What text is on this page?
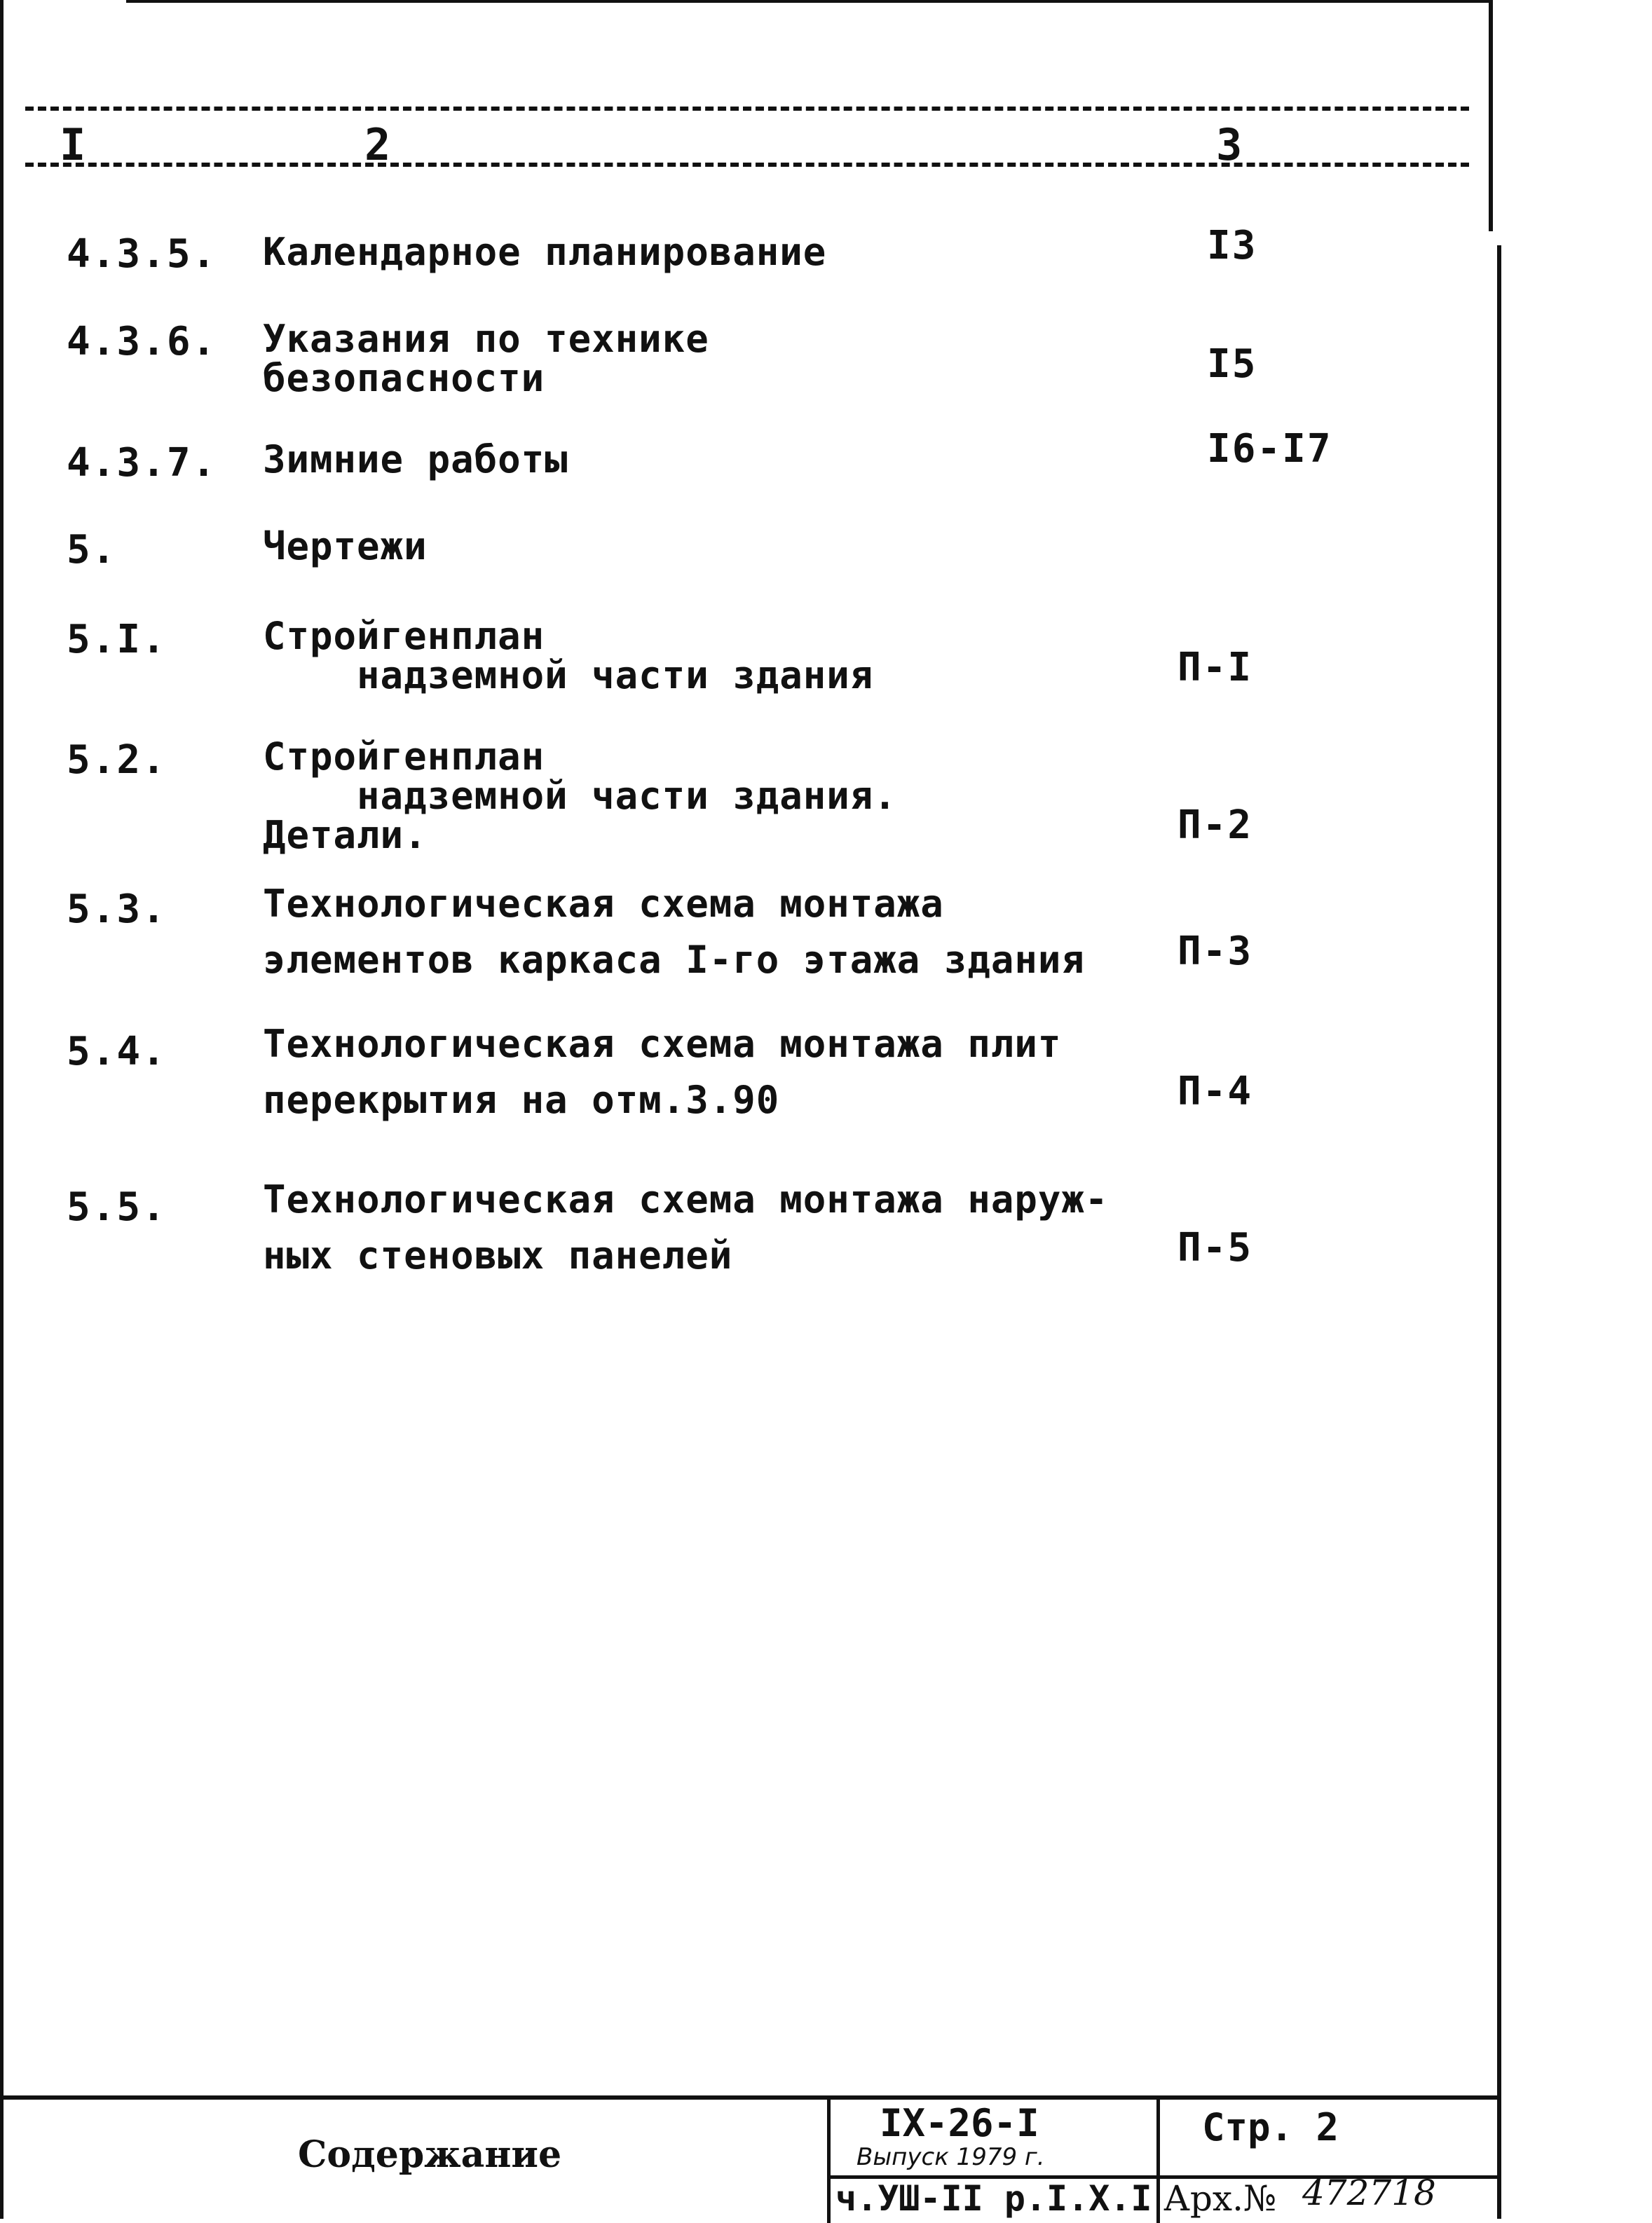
I	2	3
4.3.5. Календарное планирование	I3
4.3.6. Указания по технике
безопасности	I5
4.3.7. Зимние работы	I6-I7
5.	Чертежи
5.I.	Стройгенплан
надземной части здания	П-I
5.2.	Стройгенплан
надземной части здания.
Детали.	П-2
5.3.	Технологическая схема монтажа
элементов каркаса I-го этажа здания П-3
5.4.	Технологическая схема монтажа плит
перекрытия на отм.3.90	П-4
5.5.	Технологическая схема монтажа наруж-
ных стеновых панелей	П-5
Содержание
IX-26-I
Выпуск 1979 г.
ч.УШ-II р.I.X.I
Стр. 2
Арх.№ 472718
